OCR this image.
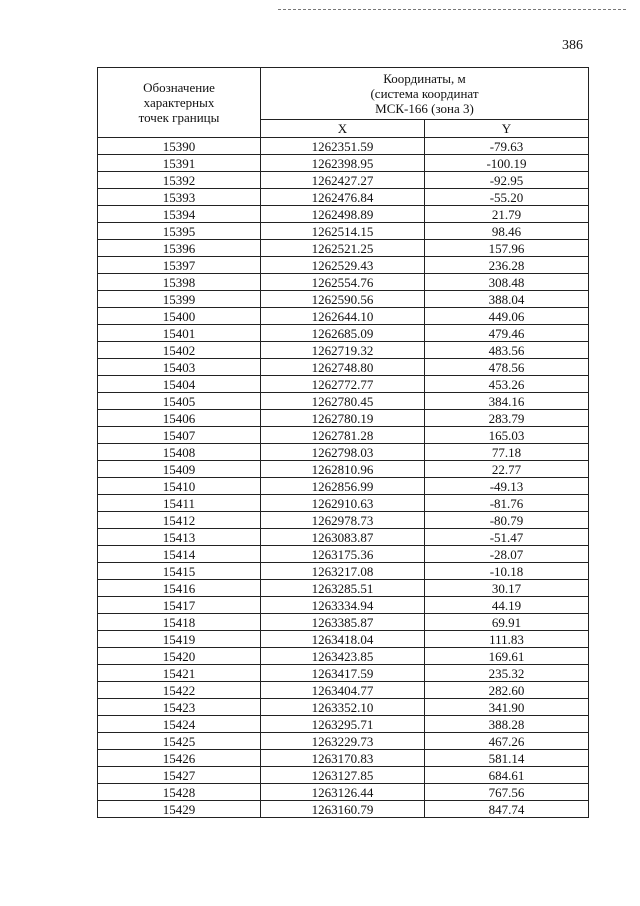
386
Обозначение
характерных
точек границы	Координаты, м
(система координат
МСК-166 (зона 3)	

	X	Y
15390	1262351.59	-79.63
15391	1262398.95	-100.19
15392	1262427.27	-92.95
15393	1262476.84	-55.20
15394	1262498.89	21.79
15395	1262514.15	98.46
15396	1262521.25	157.96
15397	1262529.43	236.28
15398	1262554.76	308.48
15399	1262590.56	388.04
15400	1262644.10	449.06
15401	1262685.09	479.46
15402	1262719.32	483.56
15403	1262748.80	478.56
15404	1262772.77	453.26
15405	1262780.45	384.16
15406	1262780.19	283.79
15407	1262781.28	165.03
15408	1262798.03	77.18
15409	1262810.96	22.77
15410	1262856.99	-49.13
15411	1262910.63	-81.76
15412	1262978.73	-80.79
15413	1263083.87	-51.47
15414	1263175.36	-28.07
15415	1263217.08	-10.18
15416	1263285.51	30.17
15417	1263334.94	44.19
15418	1263385.87	69.91
15419	1263418.04	111.83
15420	1263423.85	169.61
15421	1263417.59	235.32
15422	1263404.77	282.60
15423	1263352.10	341.90
15424	1263295.71	388.28
15425	1263229.73	467.26
15426	1263170.83	581.14
15427	1263127.85	684.61
15428	1263126.44	767.56
15429	1263160.79	847.74
